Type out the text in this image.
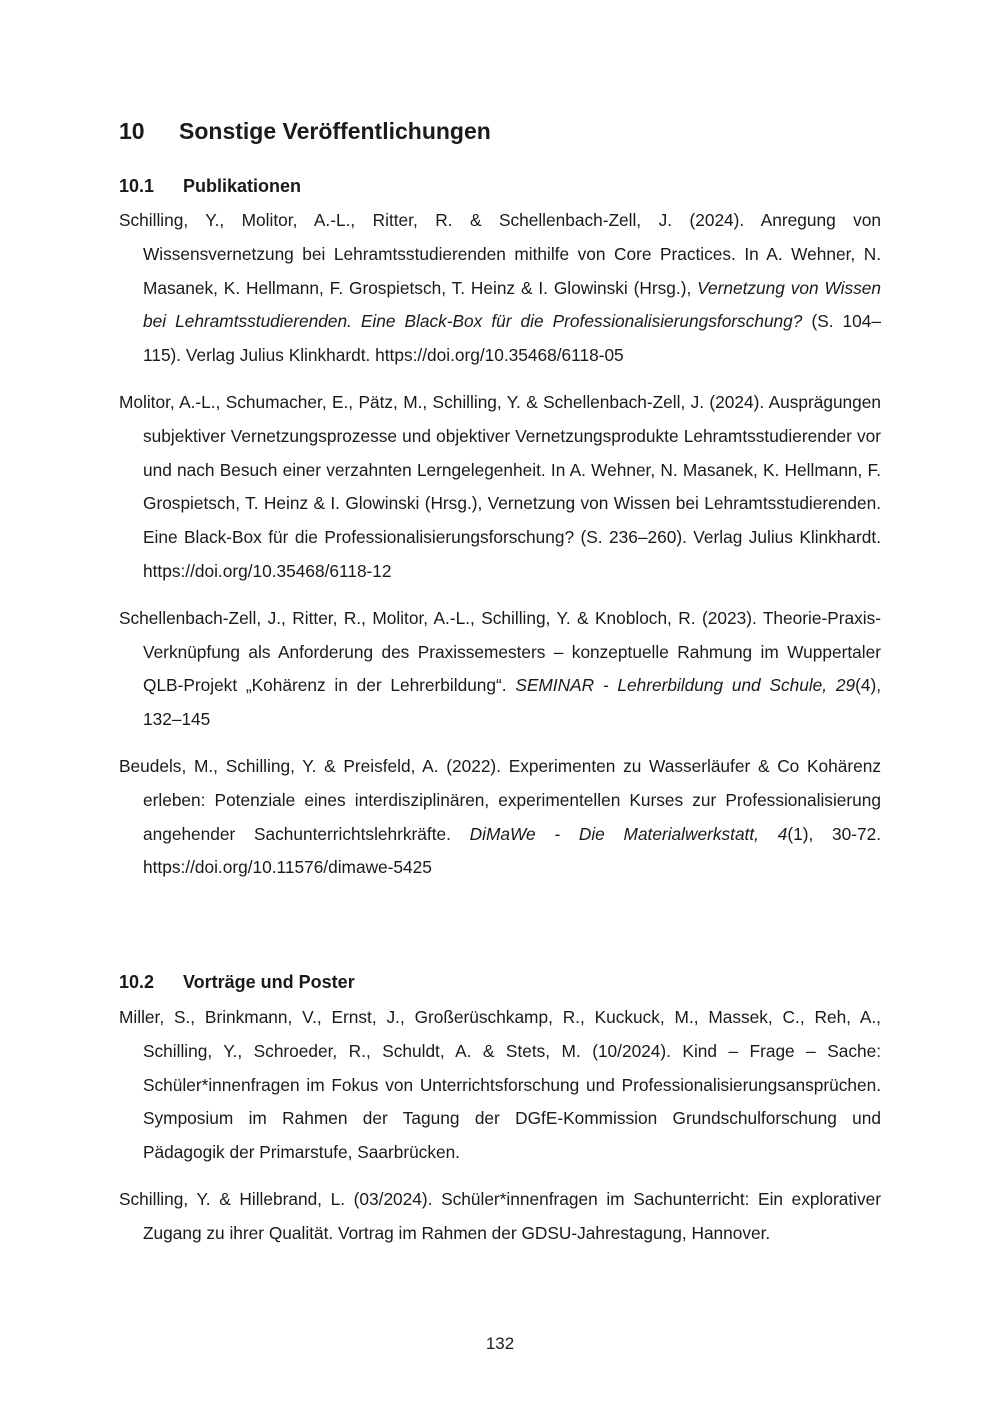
10 Sonstige Veröffentlichungen
10.1 Publikationen
Schilling, Y., Molitor, A.-L., Ritter, R. & Schellenbach-Zell, J. (2024). Anregung von Wissensvernetzung bei Lehramtsstudierenden mithilfe von Core Practices. In A. Wehner, N. Masanek, K. Hellmann, F. Grospietsch, T. Heinz & I. Glowinski (Hrsg.), Vernetzung von Wissen bei Lehramtsstudierenden. Eine Black-Box für die Professionalisierungsforschung? (S. 104–115). Verlag Julius Klinkhardt. https://doi.org/10.35468/6118-05
Molitor, A.-L., Schumacher, E., Pätz, M., Schilling, Y. & Schellenbach-Zell, J. (2024). Ausprägungen subjektiver Vernetzungsprozesse und objektiver Vernetzungsprodukte Lehramtsstudierender vor und nach Besuch einer verzahnten Lerngelegenheit. In A. Wehner, N. Masanek, K. Hellmann, F. Grospietsch, T. Heinz & I. Glowinski (Hrsg.), Vernetzung von Wissen bei Lehramtsstudierenden. Eine Black-Box für die Professionalisierungsforschung? (S. 236–260). Verlag Julius Klinkhardt. https://doi.org/10.35468/6118-12
Schellenbach-Zell, J., Ritter, R., Molitor, A.-L., Schilling, Y. & Knobloch, R. (2023). Theorie-Praxis-Verknüpfung als Anforderung des Praxissemesters – konzeptuelle Rahmung im Wuppertaler QLB-Projekt „Kohärenz in der Lehrerbildung“. SEMINAR - Lehrerbildung und Schule, 29(4), 132–145
Beudels, M., Schilling, Y. & Preisfeld, A. (2022). Experimenten zu Wasserläufer & Co Kohärenz erleben: Potenziale eines interdisziplinären, experimentellen Kurses zur Professionalisierung angehender Sachunterrichtslehrkräfte. DiMaWe - Die Materialwerkstatt, 4(1), 30-72. https://doi.org/10.11576/dimawe-5425
10.2 Vorträge und Poster
Miller, S., Brinkmann, V., Ernst, J., Großerüschkamp, R., Kuckuck, M., Massek, C., Reh, A., Schilling, Y., Schroeder, R., Schuldt, A. & Stets, M. (10/2024). Kind – Frage – Sache: Schüler*innenfragen im Fokus von Unterrichtsforschung und Professionalisierungsansprüchen. Symposium im Rahmen der Tagung der DGfE-Kommission Grundschulforschung und Pädagogik der Primarstufe, Saarbrücken.
Schilling, Y. & Hillebrand, L. (03/2024). Schüler*innenfragen im Sachunterricht: Ein explorativer Zugang zu ihrer Qualität. Vortrag im Rahmen der GDSU-Jahrestagung, Hannover.
132
